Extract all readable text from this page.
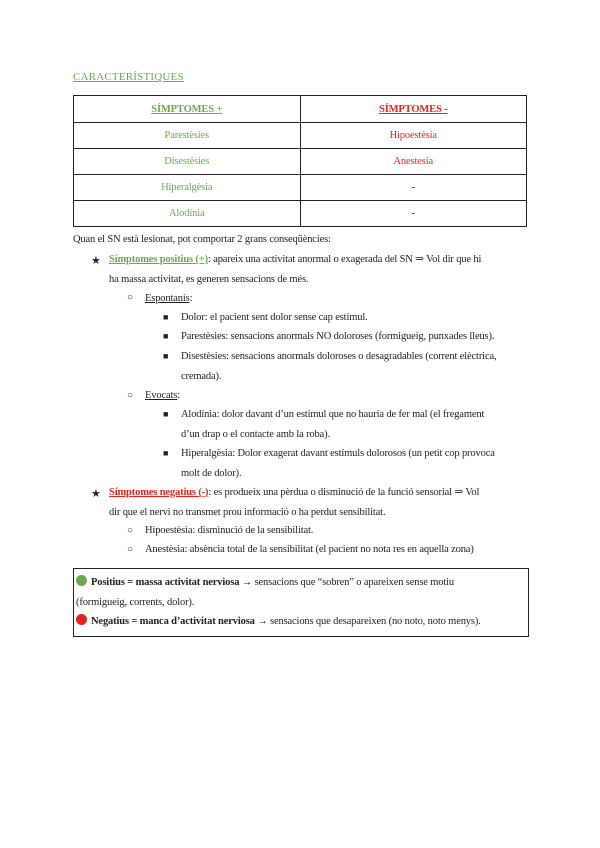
CARACTERÍSTIQUES
SÍMPTOMES +	SÍMPTOMES -
Parestèsies	Hipoestèsia
Disestèsies	Anestesia
Hiperalgèsia	-
Alodínia	-
Quan el SN està lesionat, pot comportar 2 grans conseqüències:
★ Símptomes positius (+): apareix una activitat anormal o exagerada del SN ⇒ Vol dir que hi
ha massa activitat, es generen sensacions de més.
○ Espontanis:
■ Dolor: el pacient sent dolor sense cap estímul.
■ Parestèsies: sensacions anormals NO doloroses (formigueig, punxades lleus).
■ Disestèsies: sensacions anormals doloroses o desagradables (corrent elèctrica,
cremada).
○ Evocats:
■ Alodínia: dolor davant d’un estímul que no hauria de fer mal (el fregament
d’un drap o el contacte amb la roba).
■ Hiperalgèsia: Dolor exagerat davant estímuls dolorosos (un petit cop provoca
molt de dolor).
★ Símptomes negatius (-): es produeix una pèrdua o disminució de la funció sensorial ⇒ Vol
dir que el nervi no transmet prou informació o ha perdut sensibilitat.
○ Hipoestèsia: disminució de la sensibilitat.
○ Anestèsia: absència total de la sensibilitat (el pacient no nota res en aquella zona)
Positius = massa activitat nerviosa → sensacions que “sobren” o apareixen sense motiu
(formigueig, corrents, dolor).
Negatius = manca d’activitat nerviosa → sensacions que desapareixen (no noto, noto menys).
